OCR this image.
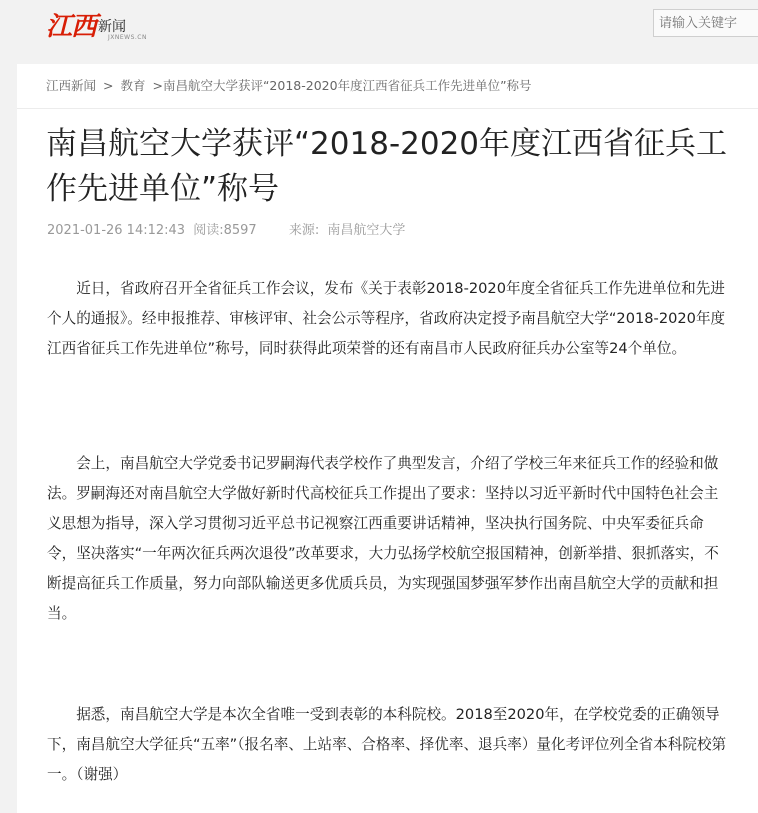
江西 新闻
JXNEWS.CN
请输入关键字
江西新闻 > 教育 >南昌航空大学获评“2018-2020年度江西省征兵工作先进单位”称号
南昌航空大学获评“2018-2020年度江西省征兵工作先进单位”称号
2021-01-26 14:12:43 阅读:8597 来源: 南昌航空大学

近日，省政府召开全省征兵工作会议，发布《关于表彰2018-2020年度全省征兵工作先进单位和先进个人的通报》。经申报推荐、审核评审、社会公示等程序，省政府决定授予南昌航空大学“2018-2020年度江西省征兵工作先进单位”称号，同时获得此项荣誉的还有南昌市人民政府征兵办公室等24个单位。

会上，南昌航空大学党委书记罗嗣海代表学校作了典型发言，介绍了学校三年来征兵工作的经验和做法。罗嗣海还对南昌航空大学做好新时代高校征兵工作提出了要求：坚持以习近平新时代中国特色社会主义思想为指导，深入学习贯彻习近平总书记视察江西重要讲话精神，坚决执行国务院、中央军委征兵命令，坚决落实“一年两次征兵两次退役”改革要求，大力弘扬学校航空报国精神，创新举措、狠抓落实，不断提高征兵工作质量，努力向部队输送更多优质兵员，为实现强国梦强军梦作出南昌航空大学的贡献和担当。

据悉，南昌航空大学是本次全省唯一受到表彰的本科院校。2018至2020年，在学校党委的正确领导下，南昌航空大学征兵“五率”（报名率、上站率、合格率、择优率、退兵率）量化考评位列全省本科院校第一。（谢强）
